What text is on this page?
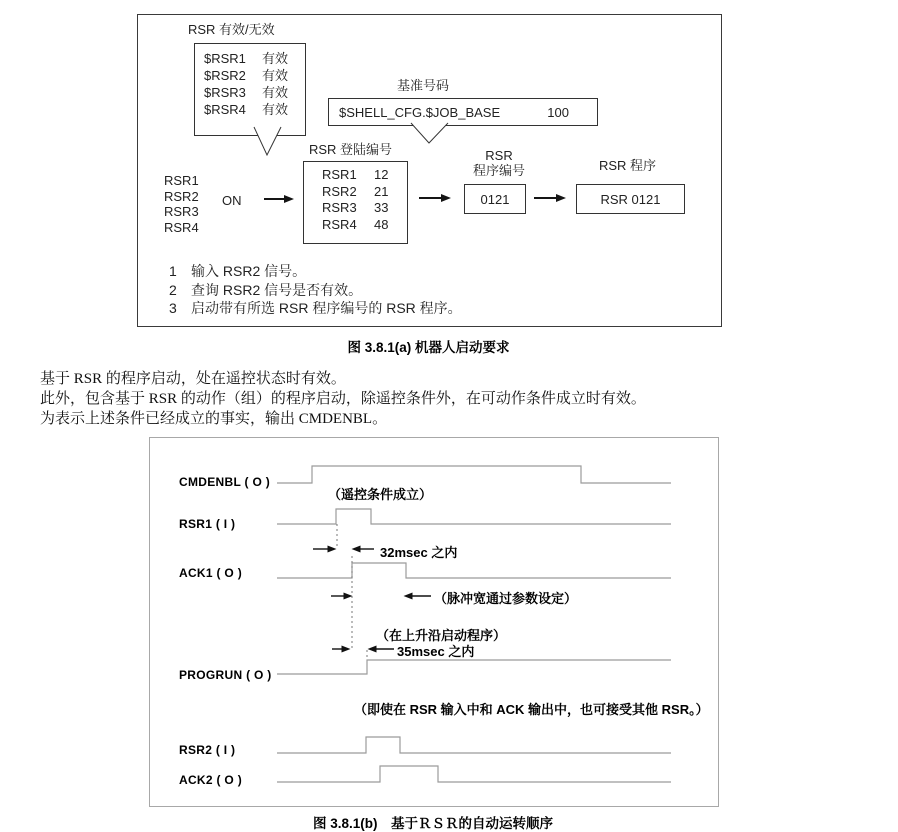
RSR 有效/无效
$RSR1	有效
$RSR2	有效
$RSR3	有效
$RSR4	有效
基准号码
$SHELL_CFG.$JOB_BASE	100
RSR 登陆编号
RSR1	12
RSR2	21
RSR3	33
RSR4	48
RSR1
RSR2
RSR3
RSR4
ON
RSR
程序编号
0121
RSR 程序
RSR 0121
1 输入 RSR2 信号。
2 查询 RSR2 信号是否有效。
3 启动带有所选 RSR 程序编号的 RSR 程序。
图 3.8.1(a) 机器人启动要求
基于 RSR 的程序启动，处在遥控状态时有效。
此外，包含基于 RSR 的动作（组）的程序启动，除遥控条件外，在可动作条件成立时有效。
为表示上述条件已经成立的事实，输出 CMDENBL。
CMDENBL ( O )
RSR1 ( I )
ACK1 ( O )
PROGRUN ( O )
RSR2 ( I )
ACK2 ( O )
（遥控条件成立）
32msec 之内
（脉冲宽通过参数设定）
（在上升沿启动程序）
35msec 之内
（即使在 RSR 输入中和 ACK 输出中，也可接受其他 RSR。）
图 3.8.1(b)　基于ＲＳＲ的自动运转顺序
